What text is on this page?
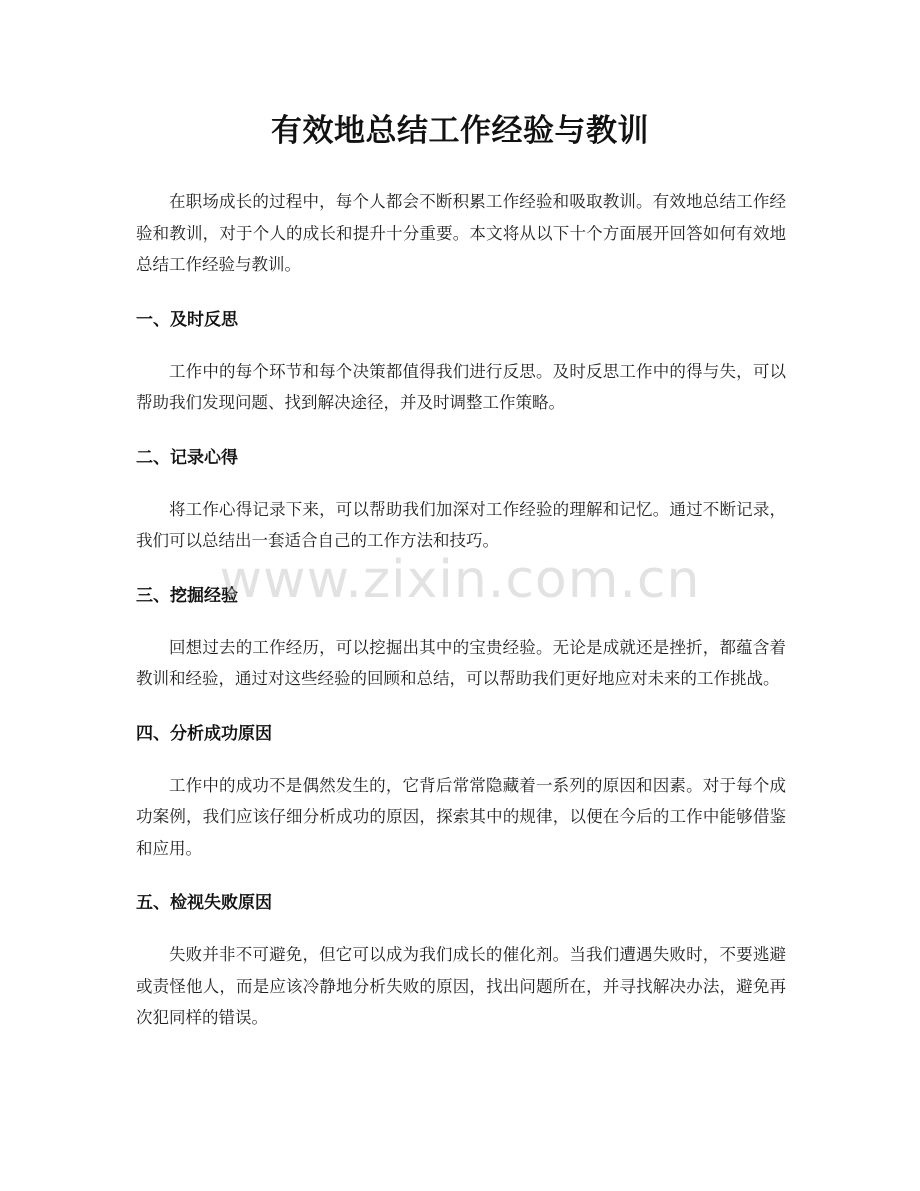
有效地总结工作经验与教训

在职场成长的过程中，每个人都会不断积累工作经验和吸取教训。有效地总结工作经验和教训，对于个人的成长和提升十分重要。本文将从以下十个方面展开回答如何有效地总结工作经验与教训。

一、及时反思

工作中的每个环节和每个决策都值得我们进行反思。及时反思工作中的得与失，可以帮助我们发现问题、找到解决途径，并及时调整工作策略。

二、记录心得

将工作心得记录下来，可以帮助我们加深对工作经验的理解和记忆。通过不断记录，我们可以总结出一套适合自己的工作方法和技巧。

三、挖掘经验

回想过去的工作经历，可以挖掘出其中的宝贵经验。无论是成就还是挫折，都蕴含着教训和经验，通过对这些经验的回顾和总结，可以帮助我们更好地应对未来的工作挑战。

四、分析成功原因

工作中的成功不是偶然发生的，它背后常常隐藏着一系列的原因和因素。对于每个成功案例，我们应该仔细分析成功的原因，探索其中的规律，以便在今后的工作中能够借鉴和应用。

五、检视失败原因

失败并非不可避免，但它可以成为我们成长的催化剂。当我们遭遇失败时，不要逃避或责怪他人，而是应该冷静地分析失败的原因，找出问题所在，并寻找解决办法，避免再次犯同样的错误。

www.zixin.com.cn
